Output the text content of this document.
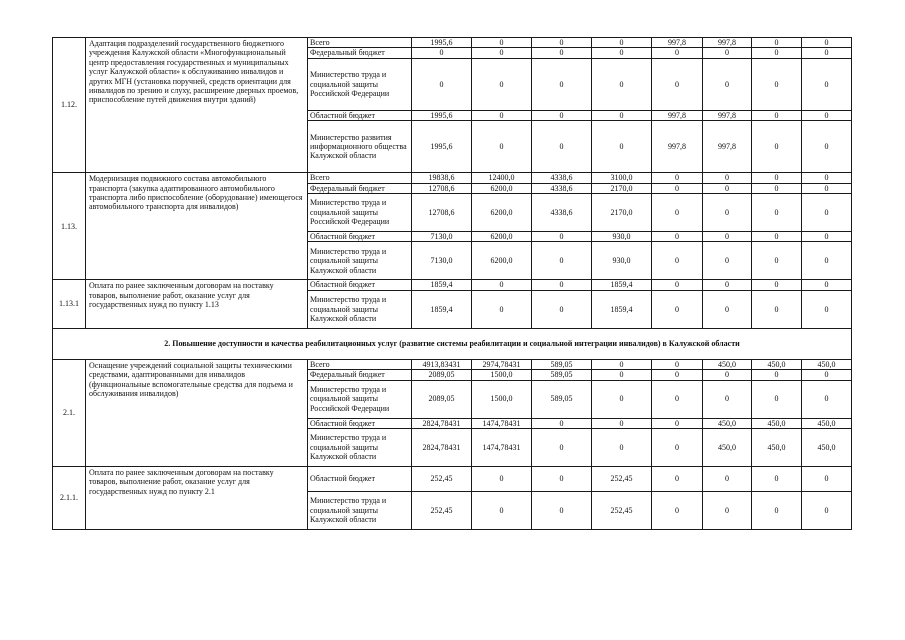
1.12.	Адаптация подразделений государственного бюджетного учреждения Калужской области «Многофункциональный центр предоставления государственных и муниципальных услуг Калужской области» к обслуживанию инвалидов и других МГН (установка поручней, средств ориентации для инвалидов по зрению и слуху, расширение дверных проемов, приспособление путей движения внутри зданий)	Всего	1995,6	0	0	0	997,8	997,8	0	0
		Федеральный бюджет	0	0	0	0	0	0	0	0
		Министерство труда и социальной защиты Российской Федерации	0	0	0	0	0	0	0	0
		Областной бюджет	1995,6	0	0	0	997,8	997,8	0	0
		Министерство развития информационного общества Калужской области	1995,6	0	0	0	997,8	997,8	0	0
1.13.	Модернизация подвижного состава автомобильного транспорта (закупка адаптированного автомобильного транспорта либо приспособление (оборудование) имеющегося автомобильного транспорта для инвалидов)	Всего	19838,6	12400,0	4338,6	3100,0	0	0	0	0
		Федеральный бюджет	12708,6	6200,0	4338,6	2170,0	0	0	0	0
		Министерство труда и социальной защиты Российской Федерации	12708,6	6200,0	4338,6	2170,0	0	0	0	0
		Областной бюджет	7130,0	6200,0	0	930,0	0	0	0	0
		Министерство труда и социальной защиты Калужской области	7130,0	6200,0	0	930,0	0	0	0	0
1.13.1	Оплата по ранее заключенным договорам на поставку товаров, выполнение работ, оказание услуг для государственных нужд по пункту 1.13	Областной бюджет	1859,4	0	0	1859,4	0	0	0	0
		Министерство труда и социальной защиты Калужской области	1859,4	0	0	1859,4	0	0	0	0
2. Повышение доступности и качества реабилитационных услуг (развитие системы реабилитации и социальной интеграции инвалидов) в Калужской области										
2.1.	Оснащение учреждений социальной защиты техническими средствами, адаптированными для инвалидов (функциональные вспомогательные средства для подъема и обслуживания инвалидов)	Всего	4913,83431	2974,78431	589,05	0	0	450,0	450,0	450,0
		Федеральный бюджет	2089,05	1500,0	589,05	0	0	0	0	0
		Министерство труда и социальной защиты Российской Федерации	2089,05	1500,0	589,05	0	0	0	0	0
		Областной бюджет	2824,78431	1474,78431	0	0	0	450,0	450,0	450,0
		Министерство труда и социальной защиты Калужской области	2824,78431	1474,78431	0	0	0	450,0	450,0	450,0
2.1.1.	Оплата по ранее заключенным договорам на поставку товаров, выполнение работ, оказание услуг для государственных нужд по пункту 2.1	Областной бюджет	252,45	0	0	252,45	0	0	0	0
		Министерство труда и социальной защиты Калужской области	252,45	0	0	252,45	0	0	0	0
